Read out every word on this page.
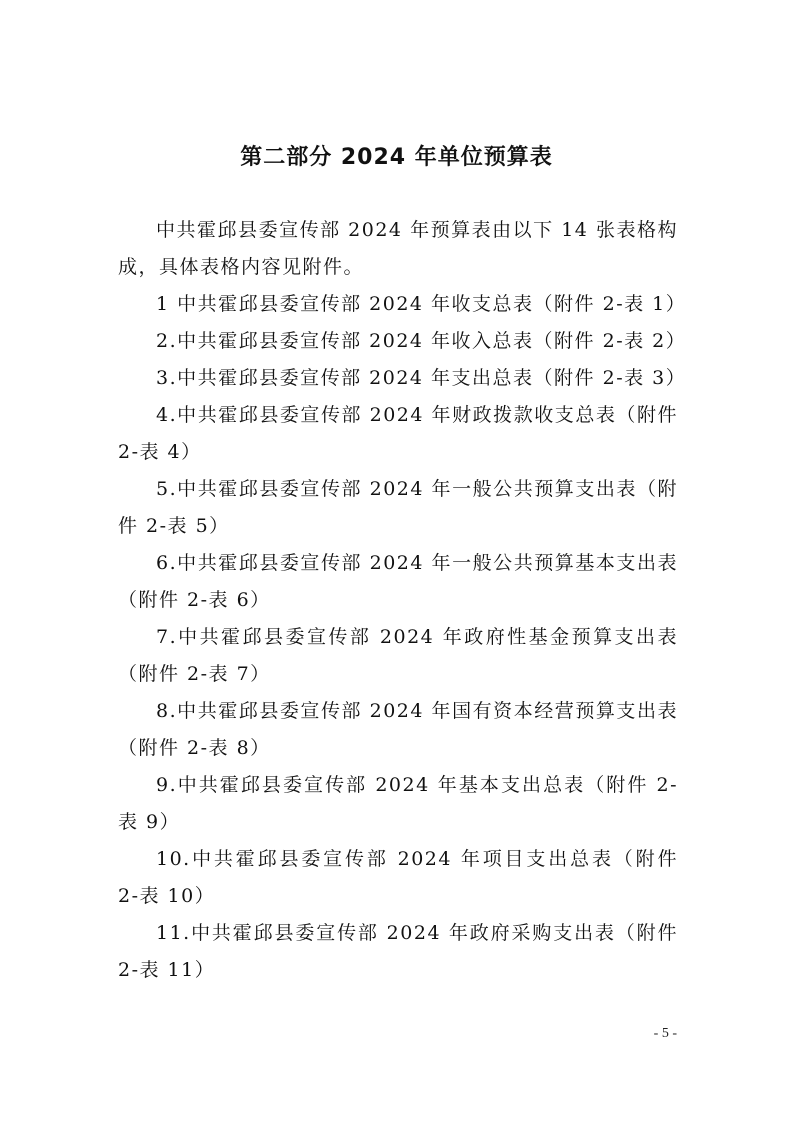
第二部分 2024 年单位预算表

中共霍邱县委宣传部 2024 年预算表由以下 14 张表格构成，具体表格内容见附件。

1 中共霍邱县委宣传部 2024 年收支总表（附件 2-表 1）

2.中共霍邱县委宣传部 2024 年收入总表（附件 2-表 2）

3.中共霍邱县委宣传部 2024 年支出总表（附件 2-表 3）

4.中共霍邱县委宣传部 2024 年财政拨款收支总表（附件 2-表 4）

5.中共霍邱县委宣传部 2024 年一般公共预算支出表（附件 2-表 5）

6.中共霍邱县委宣传部 2024 年一般公共预算基本支出表（附件 2-表 6）

7.中共霍邱县委宣传部 2024 年政府性基金预算支出表（附件 2-表 7）

8.中共霍邱县委宣传部 2024 年国有资本经营预算支出表（附件 2-表 8）

9.中共霍邱县委宣传部 2024 年基本支出总表（附件 2-表 9）

10.中共霍邱县委宣传部 2024 年项目支出总表（附件 2-表 10）

11.中共霍邱县委宣传部 2024 年政府采购支出表（附件 2-表 11）

- 5 -
